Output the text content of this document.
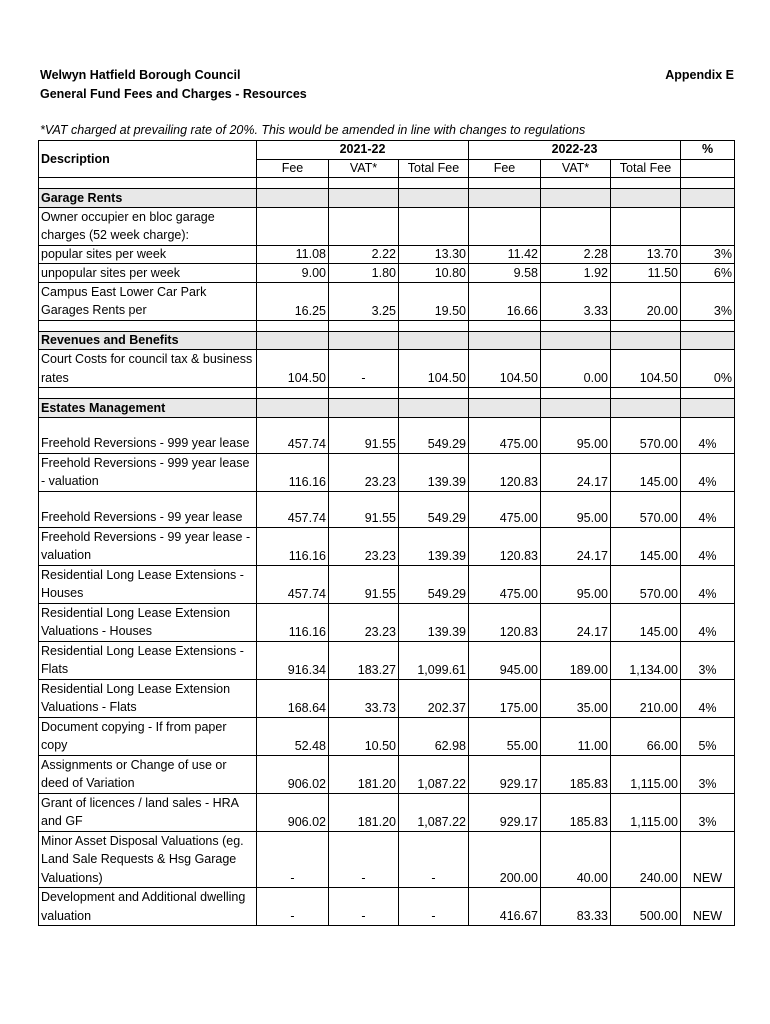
Welwyn Hatfield Borough Council
General Fund Fees and Charges - Resources
Appendix E
*VAT charged at prevailing rate of 20%. This would be amended in line with changes to regulations
Description	2021-22			2022-23			%
	Fee	VAT*	Total Fee	Fee	VAT*	Total Fee	

Garage Rents							
Owner occupier en bloc garage charges (52 week charge):							
popular sites per week	11.08	2.22	13.30	11.42	2.28	13.70	3%
unpopular sites per week	9.00	1.80	10.80	9.58	1.92	11.50	6%
Campus East Lower Car Park Garages Rents per	16.25	3.25	19.50	16.66	3.33	20.00	3%

Revenues and Benefits							
Court Costs for council tax & business rates	104.50	-	104.50	104.50	0.00	104.50	0%

Estates Management							
Freehold Reversions - 999 year lease	457.74	91.55	549.29	475.00	95.00	570.00	4%
Freehold Reversions - 999 year lease - valuation	116.16	23.23	139.39	120.83	24.17	145.00	4%
Freehold Reversions - 99 year lease	457.74	91.55	549.29	475.00	95.00	570.00	4%
Freehold Reversions - 99 year lease - valuation	116.16	23.23	139.39	120.83	24.17	145.00	4%
Residential Long Lease Extensions - Houses	457.74	91.55	549.29	475.00	95.00	570.00	4%
Residential Long Lease Extension Valuations - Houses	116.16	23.23	139.39	120.83	24.17	145.00	4%
Residential Long Lease Extensions - Flats	916.34	183.27	1,099.61	945.00	189.00	1,134.00	3%
Residential Long Lease Extension Valuations - Flats	168.64	33.73	202.37	175.00	35.00	210.00	4%
Document copying - If from paper copy	52.48	10.50	62.98	55.00	11.00	66.00	5%
Assignments or Change of use or deed of Variation	906.02	181.20	1,087.22	929.17	185.83	1,115.00	3%
Grant of licences / land sales - HRA and GF	906.02	181.20	1,087.22	929.17	185.83	1,115.00	3%
Minor Asset Disposal Valuations (eg. Land Sale Requests & Hsg Garage Valuations)	-	-	-	200.00	40.00	240.00	NEW
Development and Additional dwelling valuation	-	-	-	416.67	83.33	500.00	NEW
